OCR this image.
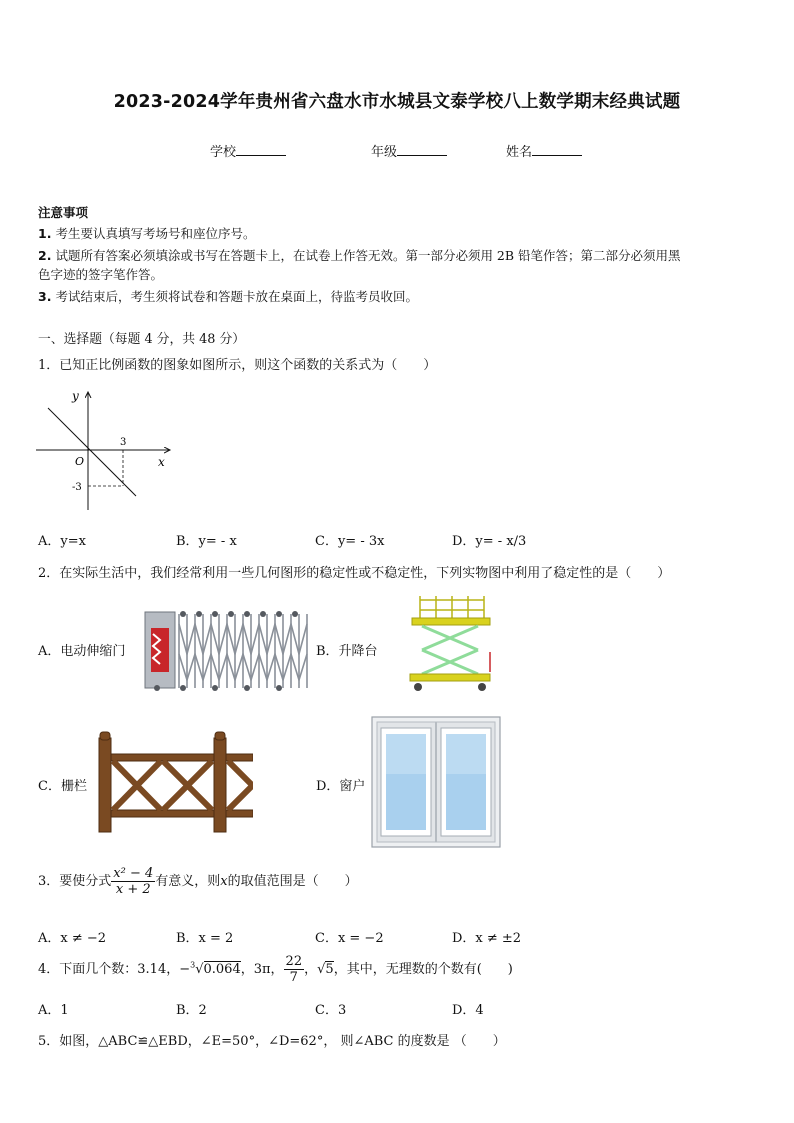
2023-2024学年贵州省六盘水市水城县文泰学校八上数学期末经典试题
学校	年级	姓名
注意事项
1. 考生要认真填写考场号和座位序号。
2. 试题所有答案必须填涂或书写在答题卡上，在试卷上作答无效。第一部分必须用 2B 铅笔作答；第二部分必须用黑
色字迹的签字笔作答。
3. 考试结束后，考生须将试卷和答题卡放在桌面上，待监考员收回。
一、选择题（每题 4 分，共 48 分）
1．已知正比例函数的图象如图所示，则这个函数的关系式为（　　）
y
x
O
3
-3
A．y=x	B．y= - x	C．y= - 3x	D．y= - x/3
2．在实际生活中，我们经常利用一些几何图形的稳定性或不稳定性，下列实物图中利用了稳定性的是（　　）
A．电动伸缩门	B．升降台
C．栅栏	D．窗户
3．要使分式 $\frac{\text{x² − 4}}{x + 2}$ 有意义，则x的取值范围是（　　）
A．x ≠ −2	B．x = 2	C．x = −2	D．x ≠ ±2
4．下面几个数：3.14，−$^3$√0.064，3π， $\frac{22}{7}$ ，√5，其中，无理数的个数有(　　)
A．1	B．2	C．3	D．4
5．如图，△ABC≌△EBD，∠E=50°，∠D=62°， 则∠ABC 的度数是 （　　）
